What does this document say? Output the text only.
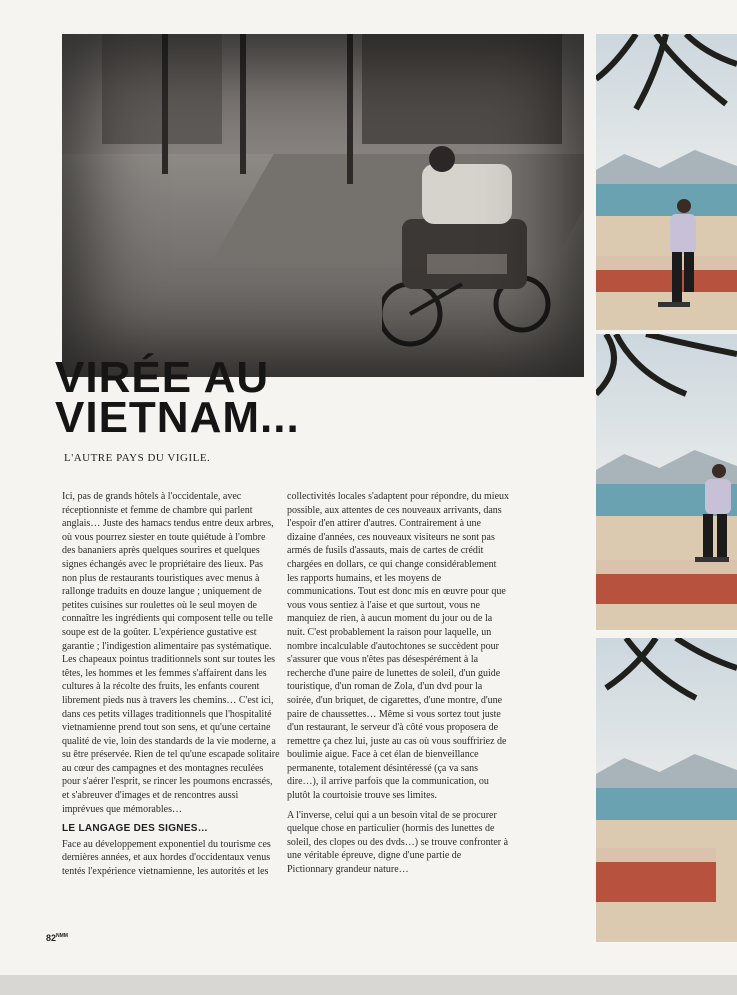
VIRÉE AU
VIETNAM...
L'AUTRE PAYS DU VIGILE.

Ici, pas de grands hôtels à l'occidentale, avec réceptionniste et femme de chambre qui parlent anglais… Juste des hamacs tendus entre deux arbres, où vous pourrez siester en toute quiétude à l'ombre des bananiers après quelques sourires et quelques signes échangés avec le propriétaire des lieux. Pas non plus de restaurants touristiques avec menus à rallonge traduits en douze langue ; uniquement de petites cuisines sur roulettes où le seul moyen de connaître les ingrédients qui composent telle ou telle soupe est de la goûter. L'expérience gustative est garantie ; l'indigestion alimentaire pas systématique. Les chapeaux pointus traditionnels sont sur toutes les têtes, les hommes et les femmes s'affairent dans les cultures à la récolte des fruits, les enfants courent librement pieds nus à travers les chemins… C'est ici, dans ces petits villages traditionnels que l'hospitalité vietnamienne prend tout son sens, et qu'une certaine qualité de vie, loin des standards de la vie moderne, a su être préservée. Rien de tel qu'une escapade solitaire au cœur des campagnes et des montagnes reculées pour s'aérer l'esprit, se rincer les poumons encrassés, et s'abreuver d'images et de rencontres aussi imprévues que mémorables…

LE LANGAGE DES SIGNES…

Face au développement exponentiel du tourisme ces dernières années, et aux hordes d'occidentaux venus tentés l'expérience vietnamienne, les autorités et les

collectivités locales s'adaptent pour répondre, du mieux possible, aux attentes de ces nouveaux arrivants, dans l'espoir d'en attirer d'autres. Contrairement à une dizaine d'années, ces nouveaux visiteurs ne sont pas armés de fusils d'assauts, mais de cartes de crédit chargées en dollars, ce qui change considérablement les rapports humains, et les moyens de communications. Tout est donc mis en œuvre pour que vous vous sentiez à l'aise et que surtout, vous ne manquiez de rien, à aucun moment du jour ou de la nuit. C'est probablement la raison pour laquelle, un nombre incalculable d'autochtones se succèdent pour s'assurer que vous n'êtes pas désespérément à la recherche d'une paire de lunettes de soleil, d'un guide touristique, d'un roman de Zola, d'un dvd pour la soirée, d'un briquet, de cigarettes, d'une montre, d'une paire de chaussettes… Même si vous sortez tout juste d'un restaurant, le serveur d'à côté vous proposera de remettre ça chez lui, juste au cas où vous souffririez de boulimie aigue. Face à cet élan de bienveillance permanente, totalement désintéressé (ça va sans dire…), il arrive parfois que la communication, ou plutôt la courtoisie trouve ses limites.

A l'inverse, celui qui a un besoin vital de se procurer quelque chose en particulier (hormis des lunettes de soleil, des clopes ou des dvds…) se trouve confronter à une véritable épreuve, digne d'une partie de Pictionnary grandeur nature…

$82^{NMM}$
